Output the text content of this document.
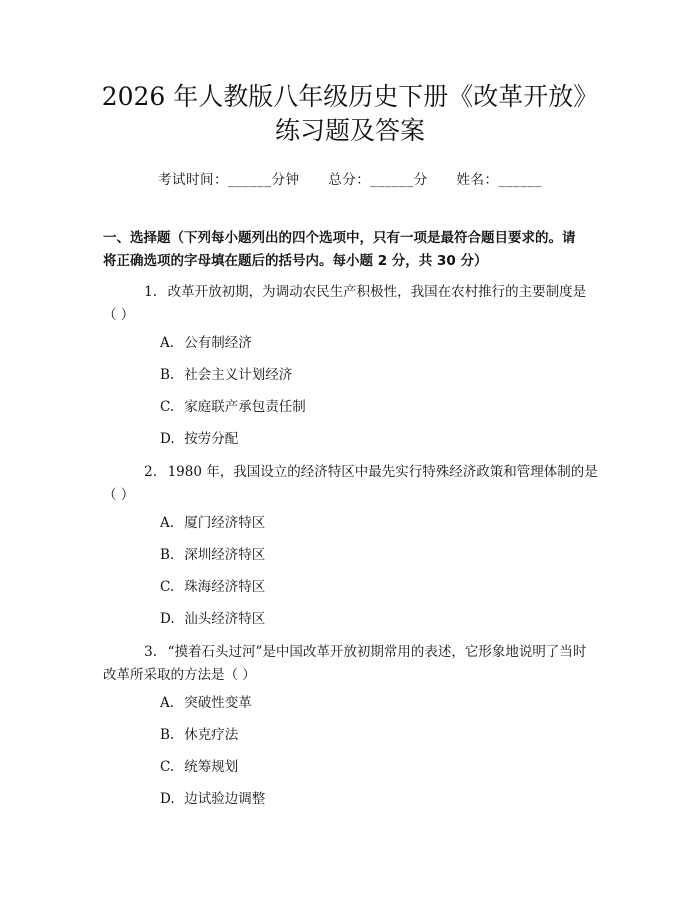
2026 年人教版八年级历史下册《改革开放》
练习题及答案
考试时间：______分钟 总分：______分 姓名：______
一、选择题（下列每小题列出的四个选项中，只有一项是最符合题目要求的。请
将正确选项的字母填在题后的括号内。每小题 2 分，共 30 分）
1. 改革开放初期，为调动农民生产积极性，我国在农村推行的主要制度是
（ ）
A. 公有制经济
B. 社会主义计划经济
C. 家庭联产承包责任制
D. 按劳分配
2. 1980 年，我国设立的经济特区中最先实行特殊经济政策和管理体制的是
（ ）
A. 厦门经济特区
B. 深圳经济特区
C. 珠海经济特区
D. 汕头经济特区
3. “摸着石头过河”是中国改革开放初期常用的表述，它形象地说明了当时
改革所采取的方法是（ ）
A. 突破性变革
B. 休克疗法
C. 统筹规划
D. 边试验边调整
